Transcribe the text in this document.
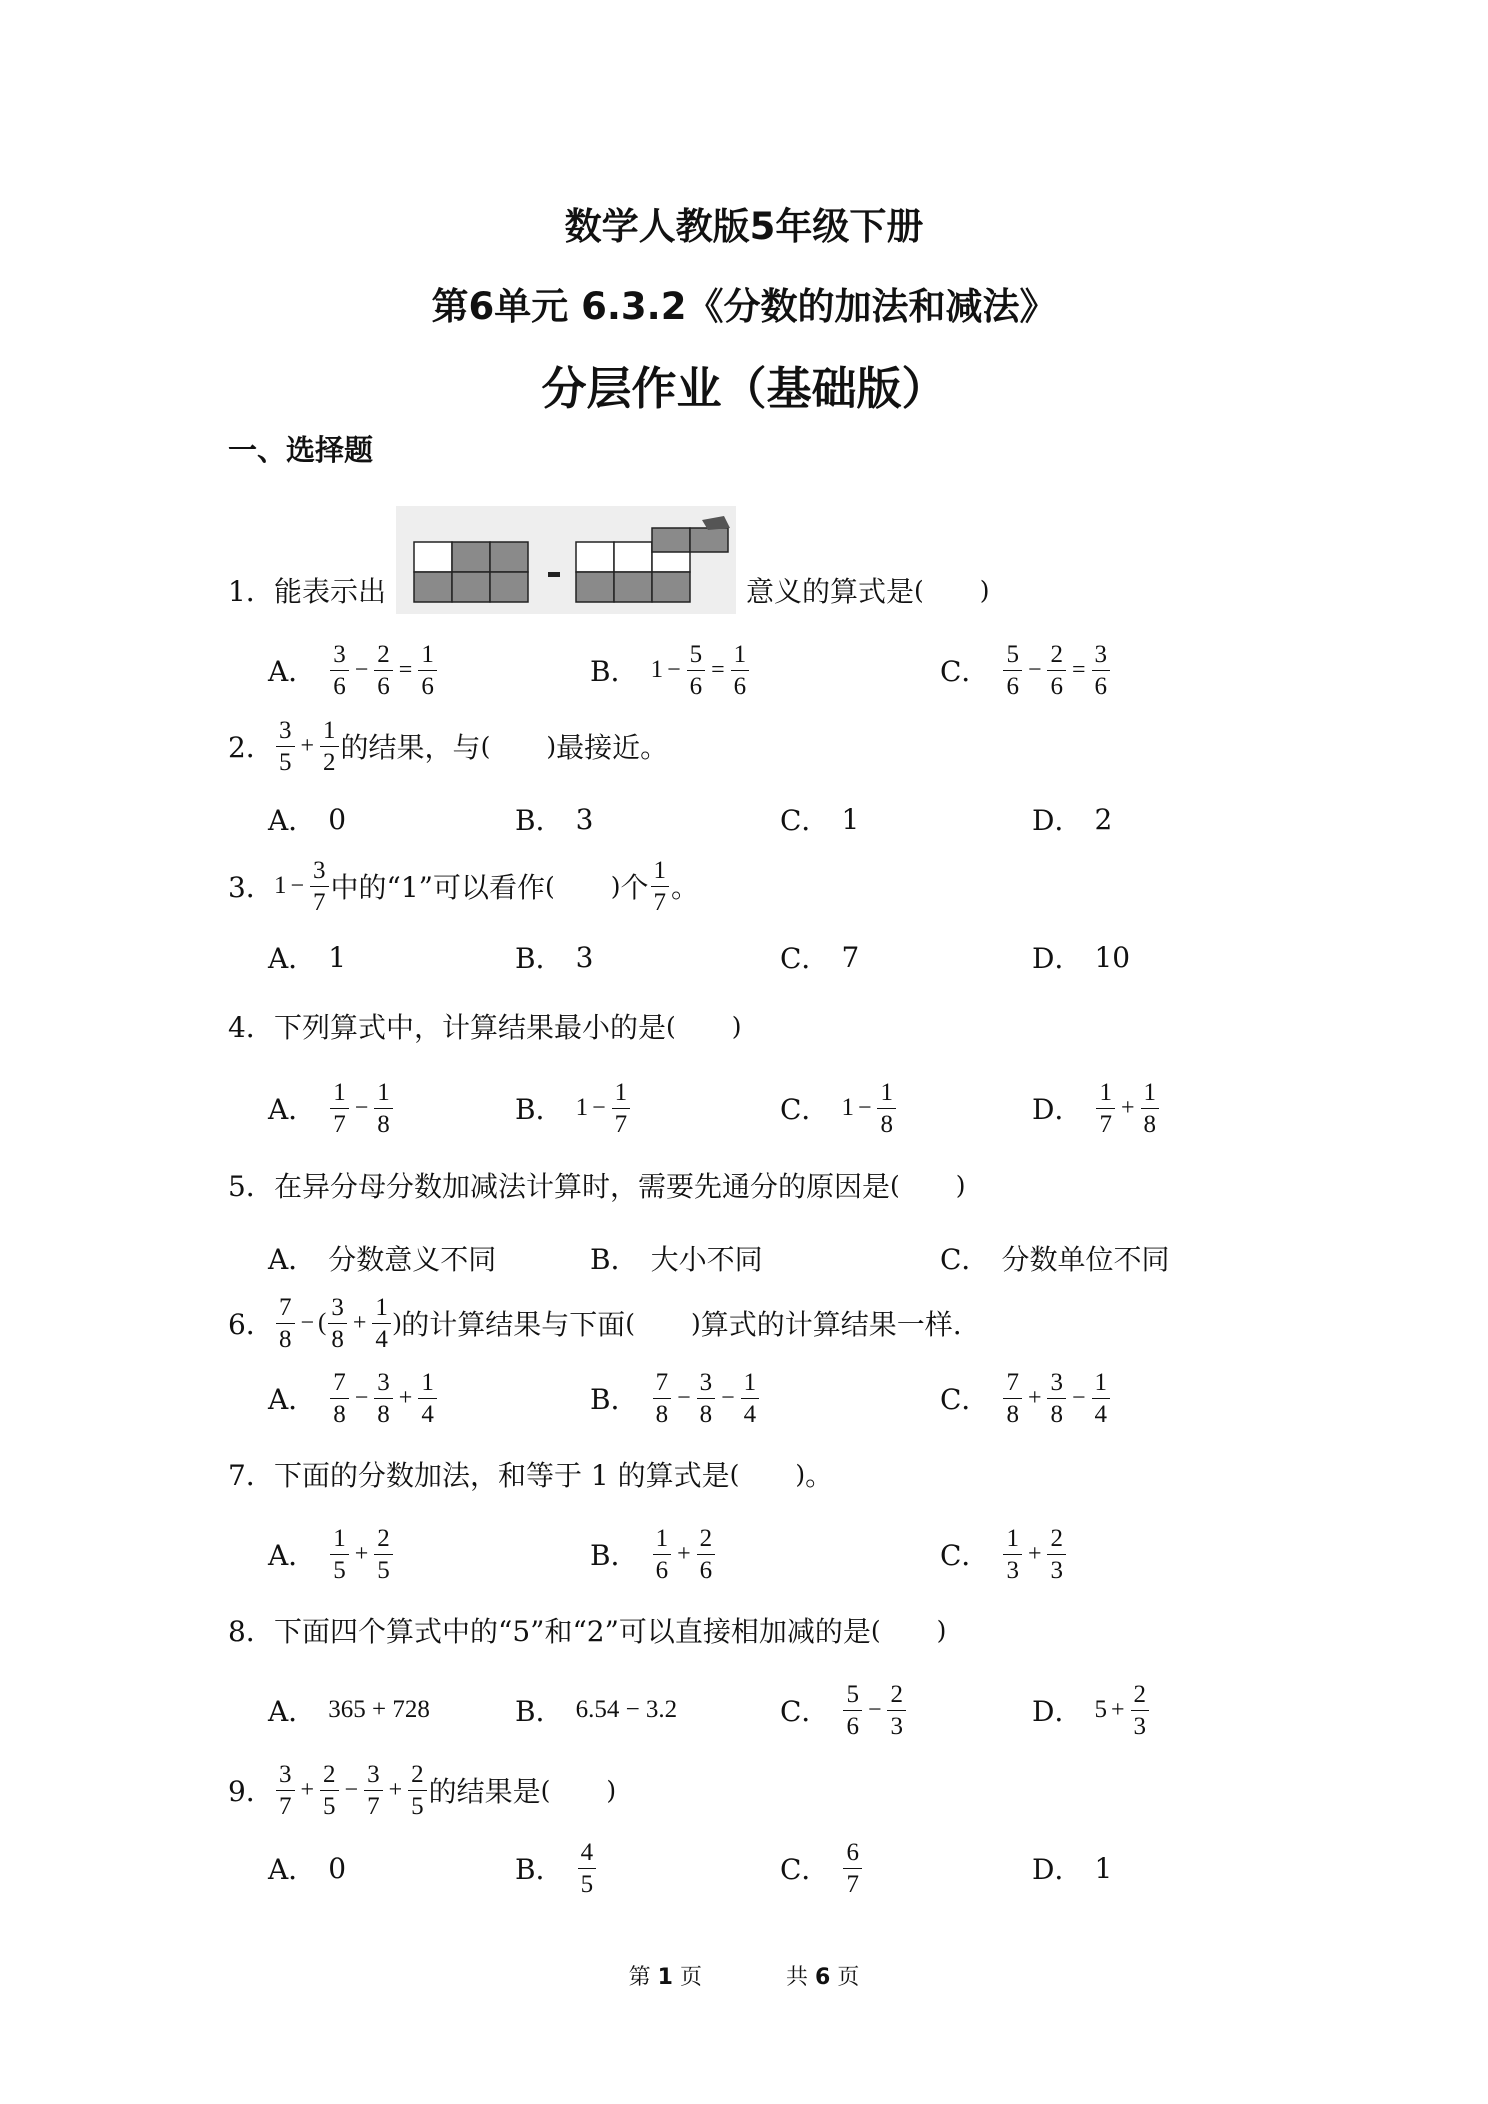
数学人教版5年级下册
第6单元 6.3.2《分数的加法和减法》
分层作业（基础版）
一、选择题
1． 能表示出	意义的算式是 ( )
A． $\frac{3}{6} - \frac{2}{6} = \frac{1}{6}$	B． $1 - \frac{5}{6} = \frac{1}{6}$	C． $\frac{5}{6} - \frac{2}{6} = \frac{3}{6}$
2． $\frac{3}{5} + \frac{1}{2}$ 的结果，与 ( ) 最接近。
A． 0	B． 3	C． 1	D． 2
3． $1 - \frac{3}{7}$ 中的“1”可以看作 ( ) 个 $\frac{1}{7}$ 。
A． 1	B． 3	C． 7	D． 10
4． 下列算式中，计算结果最小的是 ( )
A． $\frac{1}{7} - \frac{1}{8}$	B． $1 - \frac{1}{7}$	C． $1 - \frac{1}{8}$	D． $\frac{1}{7} + \frac{1}{8}$
5． 在异分母分数加减法计算时，需要先通分的原因是 ( )
A． 分数意义不同	B． 大小不同	C． 分数单位不同
6． $\frac{7}{8}$ − ( $\frac{3}{8} + \frac{1}{4}$ ) 的计算结果与下面 ( ) 算式的计算结果一样.
A． $\frac{7}{8} - \frac{3}{8} + \frac{1}{4}$	B． $\frac{7}{8} - \frac{3}{8} - \frac{1}{4}$	C． $\frac{7}{8} + \frac{3}{8} - \frac{1}{4}$
7． 下面的分数加法，和等于 1 的算式是 ( ) 。
A． $\frac{1}{5} + \frac{2}{5}$	B． $\frac{1}{6} + \frac{2}{6}$	C． $\frac{1}{3} + \frac{2}{3}$
8． 下面四个算式中的“5”和“2”可以直接相加减的是 ( )
A． 365 + 728	B． 6.54 − 3.2	C． $\frac{5}{6} - \frac{2}{3}$	D． $5 + \frac{2}{3}$
9． $\frac{3}{7} + \frac{2}{5} - \frac{3}{7} + \frac{2}{5}$ 的结果是 ( )
A． 0	B． $\frac{4}{5}$	C． $\frac{6}{7}$	D． 1
第 1 页	共 6 页
